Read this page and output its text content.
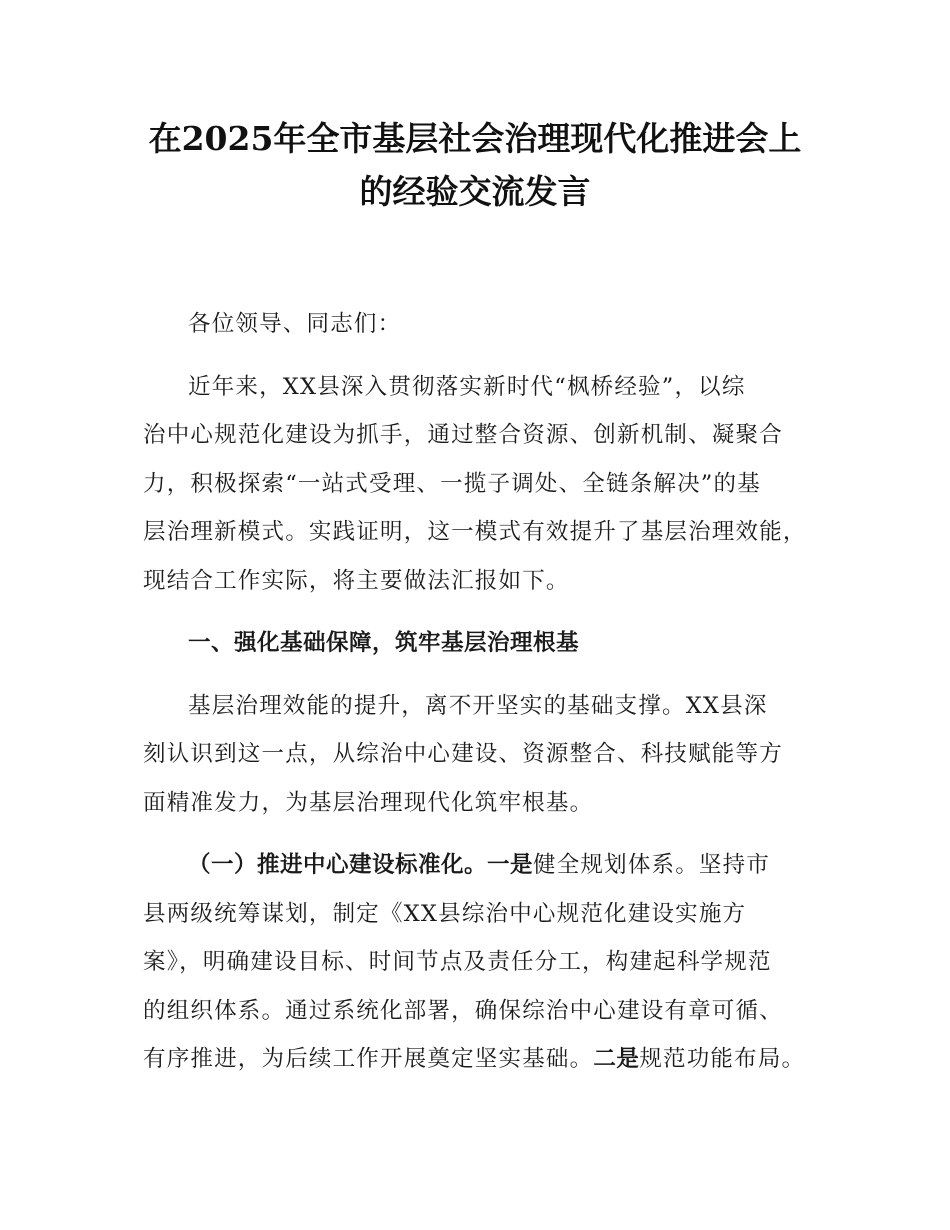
在2025年全市基层社会治理现代化推进会上
的经验交流发言

各位领导、同志们：

近年来，XX县深入贯彻落实新时代“枫桥经验”，以综
治中心规范化建设为抓手，通过整合资源、创新机制、凝聚合
力，积极探索“一站式受理、一揽子调处、全链条解决”的基
层治理新模式。实践证明，这一模式有效提升了基层治理效能，
现结合工作实际，将主要做法汇报如下。

一、强化基础保障，筑牢基层治理根基

基层治理效能的提升，离不开坚实的基础支撑。XX县深
刻认识到这一点，从综治中心建设、资源整合、科技赋能等方
面精准发力，为基层治理现代化筑牢根基。

（一）推进中心建设标准化。一是健全规划体系。坚持市
县两级统筹谋划，制定《XX县综治中心规范化建设实施方
案》，明确建设目标、时间节点及责任分工，构建起科学规范
的组织体系。通过系统化部署，确保综治中心建设有章可循、
有序推进，为后续工作开展奠定坚实基础。二是规范功能布局。
